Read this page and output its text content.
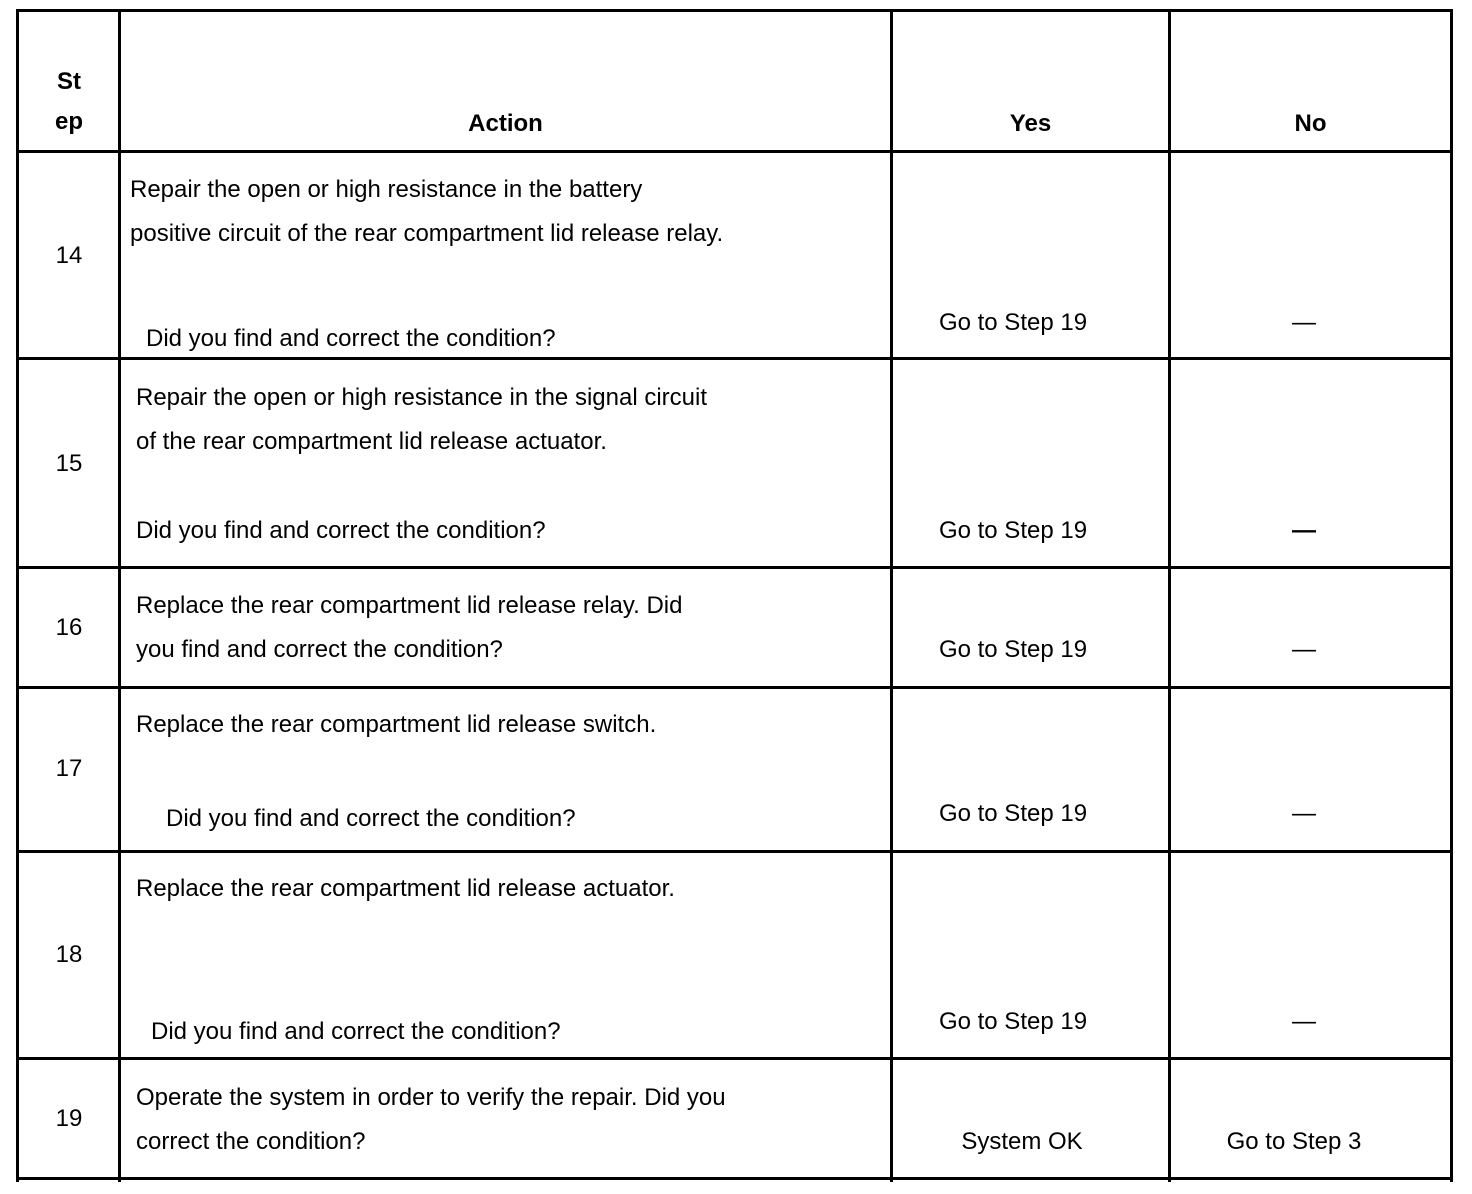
St
ep	Action	Yes	No
14
Repair the open or high resistance in the battery
positive circuit of the rear compartment lid release relay.
Did you find and correct the condition?
Go to Step 19	—
15
Repair the open or high resistance in the signal circuit
of the rear compartment lid release actuator.
Did you find and correct the condition?	Go to Step 19	—
16
Replace the rear compartment lid release relay. Did
you find and correct the condition?	Go to Step 19	—
17
Replace the rear compartment lid release switch.
Did you find and correct the condition?	Go to Step 19	—
18
Replace the rear compartment lid release actuator.
Did you find and correct the condition?	Go to Step 19	—
19
Operate the system in order to verify the repair. Did you
correct the condition?	System OK	Go to Step 3
